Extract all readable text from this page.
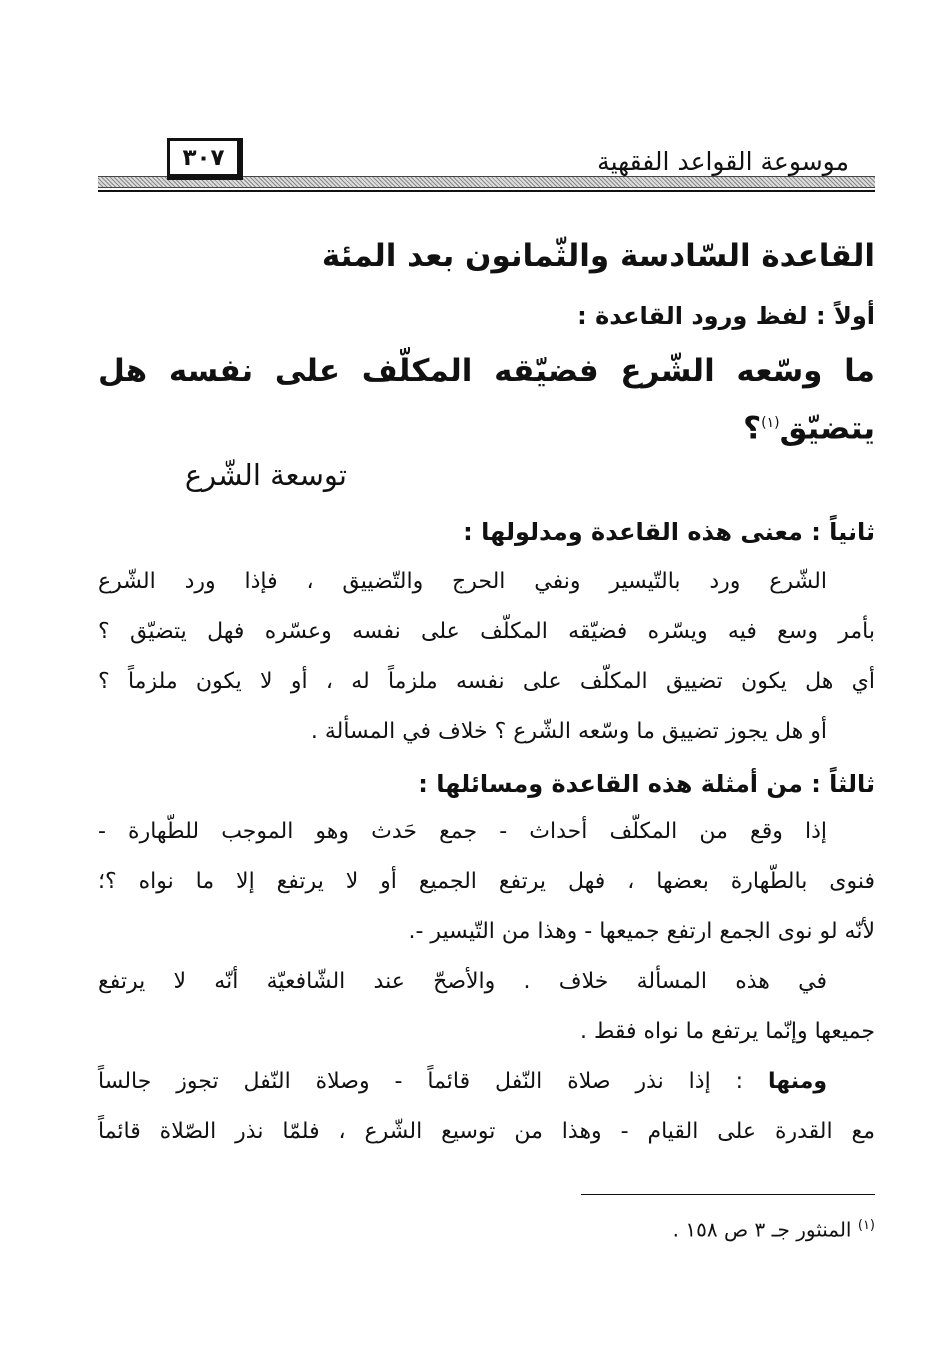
موسوعة القواعد الفقهية
٣٠٧
القاعدة السّادسة والثّمانون بعد المئة
أولاً : لفظ ورود القاعدة :
ما وسّعه الشّرع فضيّقه المكلّف على نفسه هل
يتضيّق$^{(١)}$؟
توسعة الشّرع
ثانياً : معنى هذه القاعدة ومدلولها :
الشّرع ورد بالتّيسير ونفي الحرج والتّضييق ، فإذا ورد الشّرع
بأمر وسع فيه ويسّره فضيّقه المكلّف على نفسه وعسّره فهل يتضيّق ؟
أي هل يكون تضييق المكلّف على نفسه ملزماً له ، أو لا يكون ملزماً ؟
أو هل يجوز تضييق ما وسّعه الشّرع ؟ خلاف في المسألة .
ثالثاً : من أمثلة هذه القاعدة ومسائلها :
إذا وقع من المكلّف أحداث - جمع حَدث وهو الموجب للطّهارة -
فنوى بالطّهارة بعضها ، فهل يرتفع الجميع أو لا يرتفع إلا ما نواه ؟؛
لأنّه لو نوى الجمع ارتفع جميعها - وهذا من التّيسير -.
في هذه المسألة خلاف . والأصحّ عند الشّافعيّة أنّه لا يرتفع
جميعها وإنّما يرتفع ما نواه فقط .
ومنها : إذا نذر صلاة النّفل قائماً - وصلاة النّفل تجوز جالساً
مع القدرة على القيام - وهذا من توسيع الشّرع ، فلمّا نذر الصّلاة قائماً
$^{(١)}$ المنثور جـ ٣ ص ١٥٨ .
